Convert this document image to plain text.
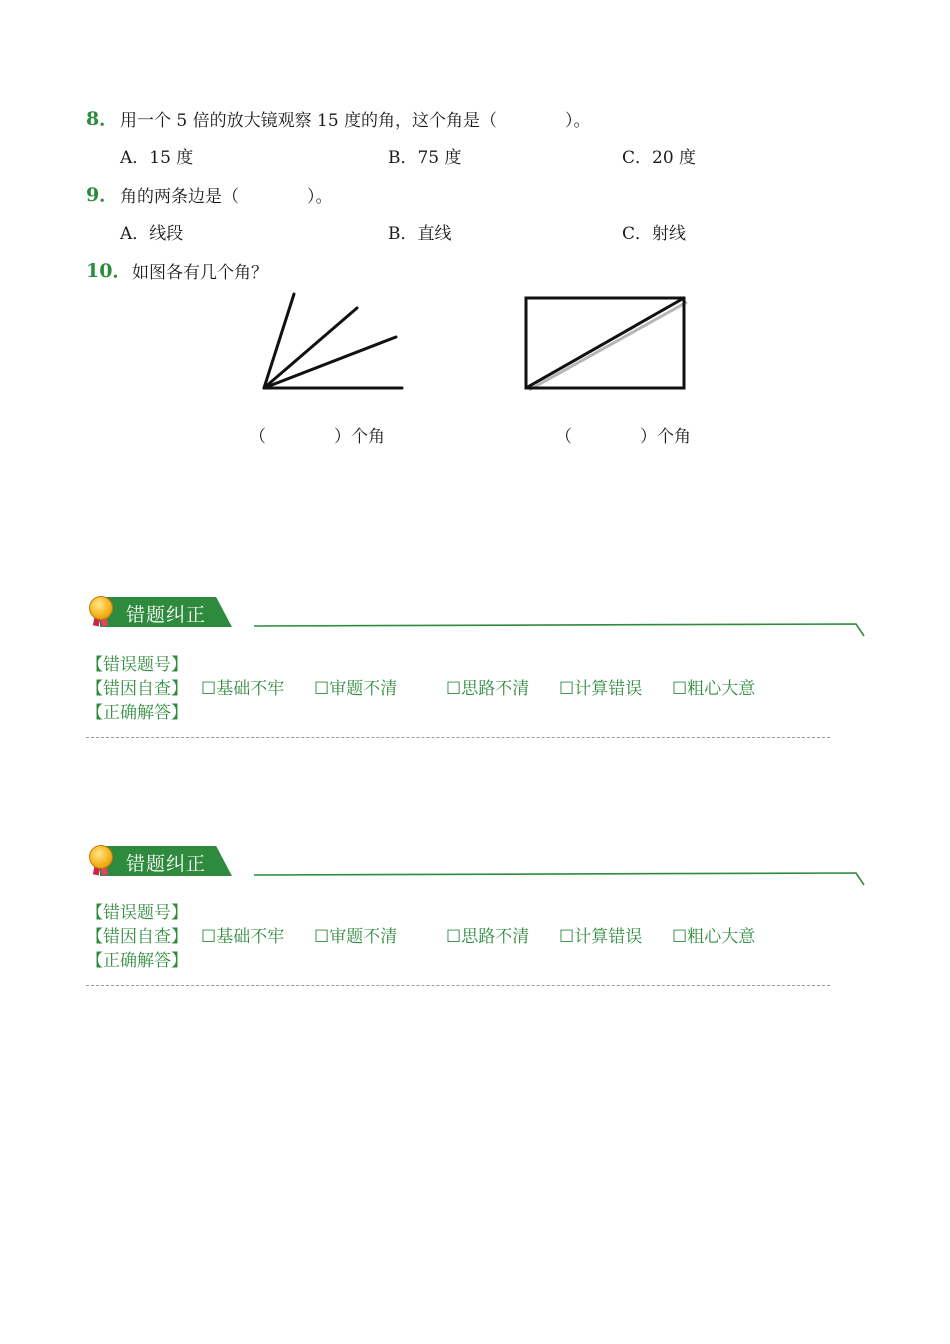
8． 用一个 5 倍的放大镜观察 15 度的角，这个角是（　　　　）。
A．15 度	B．75 度	C．20 度
9． 角的两条边是（　　　　）。
A．线段	B．直线	C．射线
10． 如图各有几个角？
（　　　　）个角	（　　　　）个角
错题纠正
【错误题号】
【错因自查】 ☐基础不牢 ☐审题不清	☐思路不清 ☐计算错误 ☐粗心大意
【正确解答】
错题纠正
【错误题号】
【错因自查】 ☐基础不牢 ☐审题不清	☐思路不清 ☐计算错误 ☐粗心大意
【正确解答】
